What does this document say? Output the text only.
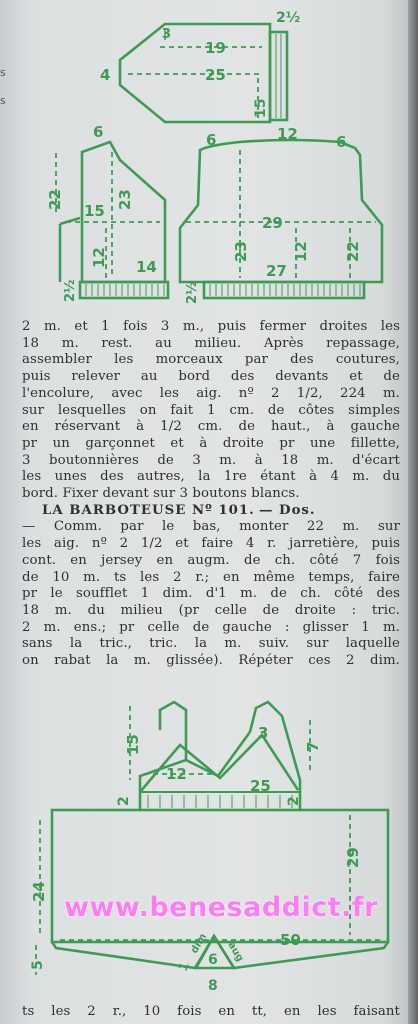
s
s
2½
19
4	25
15
3
6
22
15
23
12 14
2½
6	12	6
29
23	12 22
27
2½
2 m. et 1 fois 3 m., puis fermer droites les
18 m. rest. au milieu. Après repassage,
assembler les morceaux par des coutures,
puis relever au bord des devants et de
l'encolure, avec les aig. nº 2 1/2, 224 m.
sur lesquelles on fait 1 cm. de côtes simples
en réservant à 1/2 cm. de haut., à gauche
pr un garçonnet et à droite pr une fillette,
3 boutonnières de 3 m. à 18 m. d'écart
les unes des autres, la 1re étant à 4 m. du
bord. Fixer devant sur 3 boutons blancs.
LA BARBOTEUSE Nº 101. — Dos.
— Comm. par le bas, monter 22 m. sur
les aig. nº 2 1/2 et faire 4 r. jarretière, puis
cont. en jersey en augm. de ch. côté 7 fois
de 10 m. ts les 2 r.; en même temps, faire
pr le soufflet 1 dim. d'1 m. de ch. côté des
18 m. du milieu (pr celle de droite : tric.
2 m. ens.; pr celle de gauche : glisser 1 m.
sans la tric., tric. la m. suiv. sur laquelle
on rabat la m. glissée). Répéter ces 2 dim.
15
3
7
12
25
2	2
29
24
5
50
1 6
8
dim aug
www.benesaddict.fr
ts les 2 r., 10 fois en tt, en les faisant
